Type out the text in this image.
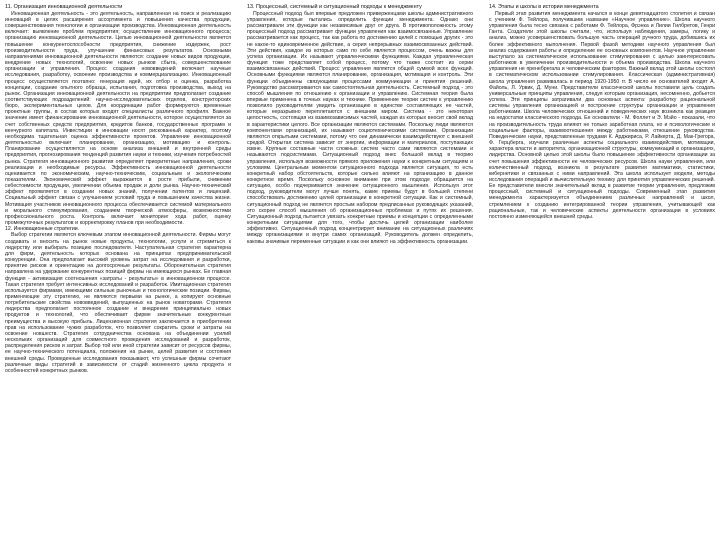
11. Организация инновационной деятельности

Инновационная деятельность - это деятельность, направленная на поиск и реализацию инноваций в целях расширения ассортимента и повышения качества продукции, совершенствования технологии и организации производства. Инновационная деятельность включает: выявление проблем предприятия; осуществление инновационного процесса; организацию инновационной деятельности. Целью инновационной деятельности является повышение конкурентоспособности предприятия, снижение издержек, рост производительности труда, улучшение финансовых результатов. Основными направлениями инновационной деятельности являются: создание новых видов продукции, внедрение новых технологий, освоение новых рынков сбыта, совершенствование организации и управления. Процесс создания нововведений включает научные исследования, разработку, освоение производства и коммерциализацию. Инновационный процесс осуществляется поэтапно: генерация идей, их отбор и оценка, разработка концепции, создание опытного образца, испытания, подготовка производства, выход на рынок. Организация инновационной деятельности на предприятии предполагает создание соответствующих подразделений: научно-исследовательских отделов, конструкторских бюро, экспериментальных цехов. Для координации работ формируются временные проектные группы, в состав которых входят специалисты различного профиля. Важное значение имеет финансирование инновационной деятельности, которое осуществляется за счет собственных средств предприятия, кредитов банков, государственных программ и венчурного капитала. Инвестиции в инновации носят рискованный характер, поэтому необходима тщательная оценка эффективности проектов. Управление инновационной деятельностью включает планирование, организацию, мотивацию и контроль. Планирование осуществляется на основе анализа внешней и внутренней среды предприятия, прогнозирования тенденций развития науки и техники, изучения потребностей рынка. Стратегия инновационного развития определяет приоритетные направления, сроки реализации и необходимые ресурсы. Эффективность инновационной деятельности оценивается по экономическим, научно-техническим, социальным и экологическим показателям. Экономический эффект выражается в росте прибыли, снижении себестоимости продукции, увеличении объема продаж и доли рынка. Научно-технический эффект проявляется в создании новых знаний, получении патентов и лицензий. Социальный эффект связан с улучшением условий труда и повышением качества жизни. Мотивация участников инновационного процесса обеспечивается системой материального и морального стимулирования, созданием творческой атмосферы, возможностями профессионального роста. Контроль включает мониторинг хода работ, оценку промежуточных результатов и корректировку планов при необходимости.

12. Инновационные стратегии.

Выбор стратегии является ключевым этапом инновационной деятельности. Фирмы могут создавать и вносить на рынок новые продукты, технологии, услуги и стремиться к лидерству или выбирать позицию последователя. Наступательная стратегия характерна для фирм, деятельность которых основана на принципах предпринимательской конкуренции. Она предполагает высокий уровень затрат на исследования и разработки, принятие рисков и ориентацию на долгосрочные результаты. Оборонительная стратегия направлена на удержание конкурентных позиций фирмы на имеющихся рынках. Ее главная функция - активизация соотношения «затраты - результаты» в инновационном процессе. Такая стратегия требует интенсивных исследований и разработок. Имитационная стратегия используется фирмами, имеющими сильные рыночные и технологические позиции. Фирмы, применяющие эту стратегию, не являются первыми на рынке, а копируют основные потребительские свойства нововведений, выпущенных на рынок новаторами. Стратегия лидерства предполагает постоянное создание и внедрение принципиально новых продуктов и технологий, что обеспечивает фирме значительные конкурентные преимущества и высокую прибыль. Лицензионная стратегия заключается в приобретении прав на использование чужих разработок, что позволяет сократить сроки и затраты на освоение новшеств. Стратегия сотрудничества основана на объединении усилий нескольких организаций для совместного проведения исследований и разработок, распределения рисков и затрат. Выбор той или иной стратегии зависит от ресурсов фирмы, ее научно-технического потенциала, положения на рынке, целей развития и состояния внешней среды. Проведенные исследования показывают, что успешные фирмы сочетают различные виды стратегий в зависимости от стадий жизненного цикла продукта и особенностей конкретных рынков.

13. Процессный, системный и ситуационный подходы к менеджменту

Процессный подход был впервые предложен приверженцами школы административного управления, которые пытались определить функции менеджмента. Однако они рассматривали эти функции как независимые друг от друга. В противоположность этому процессный подход рассматривает функции управления как взаимосвязанные. Управление рассматривается как процесс, так как работа по достижению целей с помощью других - это не какое-то единовременное действие, а серия непрерывных взаимосвязанных действий. Эти действия, каждое из которых само по себе является процессом, очень важны для успеха организации. Их называют управленческими функциями. Каждая управленческая функция тоже представляет собой процесс, потому что также состоит из серии взаимосвязанных действий. Процесс управления является общей суммой всех функций. Основными функциями являются планирование, организация, мотивация и контроль. Эти функции объединены связующими процессами коммуникации и принятия решений. Руководство рассматривается как самостоятельная деятельность. Системный подход - это способ мышления по отношению к организации и управлению. Системная теория была впервые применена в точных науках и технике. Применение теории систем к управлению позволило руководителям увидеть организацию в единстве составляющих ее частей, которые неразрывно переплетаются с внешним миром. Система - это некоторая целостность, состоящая из взаимозависимых частей, каждая из которых вносит свой вклад в характеристики целого. Все организации являются системами. Поскольку люди являются компонентами организаций, их называют социотехническими системами. Организации являются открытыми системами, потому что они динамически взаимодействуют с внешней средой. Открытая система зависит от энергии, информации и материалов, поступающих извне. Крупные составные части сложных систем часто сами являются системами и называются подсистемами. Ситуационный подход внес большой вклад в теорию управления, используя возможности прямого приложения науки к конкретным ситуациям и условиям. Центральным моментом ситуационного подхода является ситуация, то есть конкретный набор обстоятельств, которые сильно влияют на организацию в данное конкретное время. Поскольку основное внимание при этом подходе обращается на ситуацию, особо подчеркивается значение ситуационного мышления. Используя этот подход, руководители могут лучше понять, какие приемы будут в большей степени способствовать достижению целей организации в конкретной ситуации. Как и системный, ситуационный подход не является простым набором предписанных руководящих указаний, это скорее способ мышления об организационных проблемах и путях их решения. Ситуационный подход пытается увязать конкретные приемы и концепции с определенными конкретными ситуациями для того, чтобы достичь целей организации наиболее эффективно. Ситуационный подход концентрирует внимание на ситуационных различиях между организациями и внутри самих организаций. Руководитель должен определить, каковы значимые переменные ситуации и как они влияют на эффективность организации.

14. Этапы и школы в истории менеджмента

Первый этап развития менеджмента начался в конце девятнадцатого столетия и связан с учением Ф. Тейлора, получившим название «Научное управление». Школа научного управления была тесно связана с работами Ф. Тейлора, Фрэнка и Лилии Гилбретов, Генри Ганта. Создатели этой школы считали, что, используя наблюдения, замеры, логику и анализ, можно усовершенствовать большую часть операций ручного труда, добившись их более эффективного выполнения. Первой фазой методики научного управления был анализ содержания работы и определение ее основных компонентов. Научное управление выступало за систематическое использование стимулирования с целью заинтересовать работников в увеличении производительности и объема производства. Школа научного управления не пренебрегала и человеческим фактором. Важный вклад этой школы состоял в систематическом использовании стимулирования. Классическая (административная) школа управления развивалась в период 1920-1950 гг. В число ее основателей входят А. Файоль, Л. Урвик, Д. Муни. Представители классической школы поставили цель создать универсальные принципы управления, следуя которым организация, несомненно, добьется успеха. Эти принципы затрагивали два основных аспекта: разработку рациональной системы управления организацией и построение структуры организации и управления работниками. Школа человеческих отношений и поведенческих наук возникла как реакция на недостатки классического подхода. Ее основатели - М. Фоллет и Э. Мэйо - показали, что на производительность труда влияют не только заработная плата, но и психологические и социальные факторы, взаимоотношения между работниками, отношение руководства. Поведенческие науки, представленные трудами К. Арджириса, Р. Лайкерта, Д. Мак-Грегора, Ф. Герцберга, изучали различные аспекты социального взаимодействия, мотивации, характера власти и авторитета, организационной структуры, коммуникаций в организациях, лидерства. Основной целью этой школы было повышение эффективности организации за счет повышения эффективности ее человеческих ресурсов. Школа науки управления, или количественный подход, возникла в результате развития математики, статистики, кибернетики и связанных с ними направлений. Эта школа использует модели, методы исследования операций и вычислительную технику для принятия управленческих решений. Ее представители внесли значительный вклад в развитие теории управления, предложив процессный, системный и ситуационный подходы. Современный этап развития менеджмента характеризуется объединением различных направлений и школ, стремлением к созданию интегрированной теории управления, учитывающей как рациональные, так и человеческие аспекты деятельности организации в условиях постоянно изменяющейся внешней среды.
